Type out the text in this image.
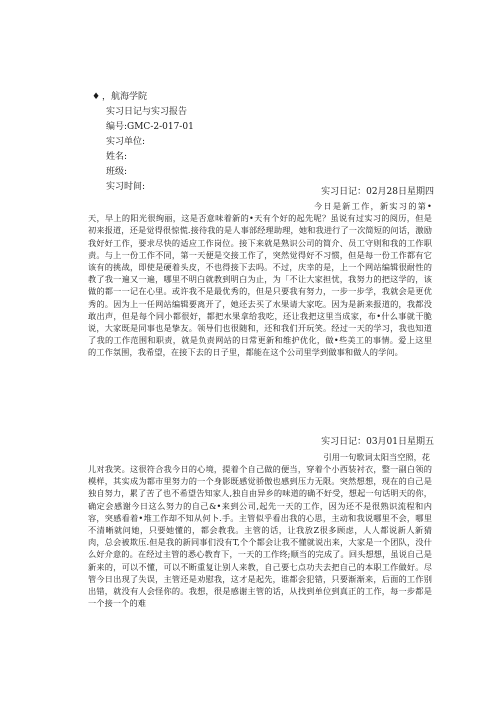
♦ ，航海学院
实习日记与实习报告
编号:GMC-2-017-01
实习单位:
姓名:
班级:
实习时间:	实习日记：02月28日星期四
今日是新工作，新实习的第•天，早上的阳光很绚丽，这是否意味着新的•天有个好的起先呢？虽说有过实习的阅历，但是初来报道，还是觉得很惊慌.接待我的是人事部经理助理，她和我进行了一次简短的问话，激励我好好工作，要求尽快的适应工作岗位。接下来就是熟识公司的简介、员工守则和我的工作职责。与上一份工作不同，第一天便是交接工作了，突然觉得好不习惯，但是每一份工作都有它该有的挑战，即使是硬着头皮，不也得接下去吗。不过，庆幸的是，上一个网站编辑很耐性的教了我一遍又一遍，哪里不明白就教到明白为止，为「不让大家担忧，我努力的把这学的，该做的都一一记在心里。或许我不是最优秀的，但是只要我有努力，一步一步学，我就会是更优秀的。因为上一任网站编辑要离开了，她还去买了水果请大家吃。因为是新来报道的，我都没敢出声，但是每个同小都很好，都把水果拿给我吃，还让我把这里当成家，布•什么事就干脆说，大家既是同事也是挚友。领导们也很随和，还和我们开玩笑。经过一天的学习，我也知道了我的工作范围和职责，就是负责网站的日常更新和维护优化，做•些美工的事情。爱上这里的工作氛围，我希望，在接下去的日子里，都能在这个公司里学到做事和做人的学问。
实习日记：03月01日星期五
引用一句歌词太阳当空照，花
儿对我笑。这很符合我今日的心境，提着个自己做的便当，穿着个小西装衬衣，整一副白领的模样，其实成为都市里努力的一个身影既感觉骄傲也感到压力无限。突然想想，现在的自己是独自努力，累了苦了也不希望告知家人,独自由异乡的味道的确不好受，想起一句话明天的你，确定会感谢今日这么努力的自己&•来到公司,起先一天的工作，因为还不是很熟识流程和内容，突感看着•堆工作却不知从何卜.手。主管似乎看出我的心思，主动和我说哪里不会，哪里不清晰就问她，只要她懂的，都会教我。主管的话，让我放Z很多顾虑，人人都说新人新猜肉，总会被欺压.但是我的新同事们没有T,个个都会让我不懂就说出来，大家是一个团队，没什么好介意的。在经过主管的悉心教育下，一天的工作终;顺当的完成了。回头想想，虽说自己是新来的，可以不懂，可以不断重复让别人来教，自己要七点功夫去把自己的本职工作做好。尽管今日出现了失误，主管还是劝慰我，这才是起先，谁都会犯错，只要渐渐来，后面的工作别出错，就没有人会怪你的。我想，很是感谢主管的话，从找到单位到真正的工作，每一步都是一个接一个的难
